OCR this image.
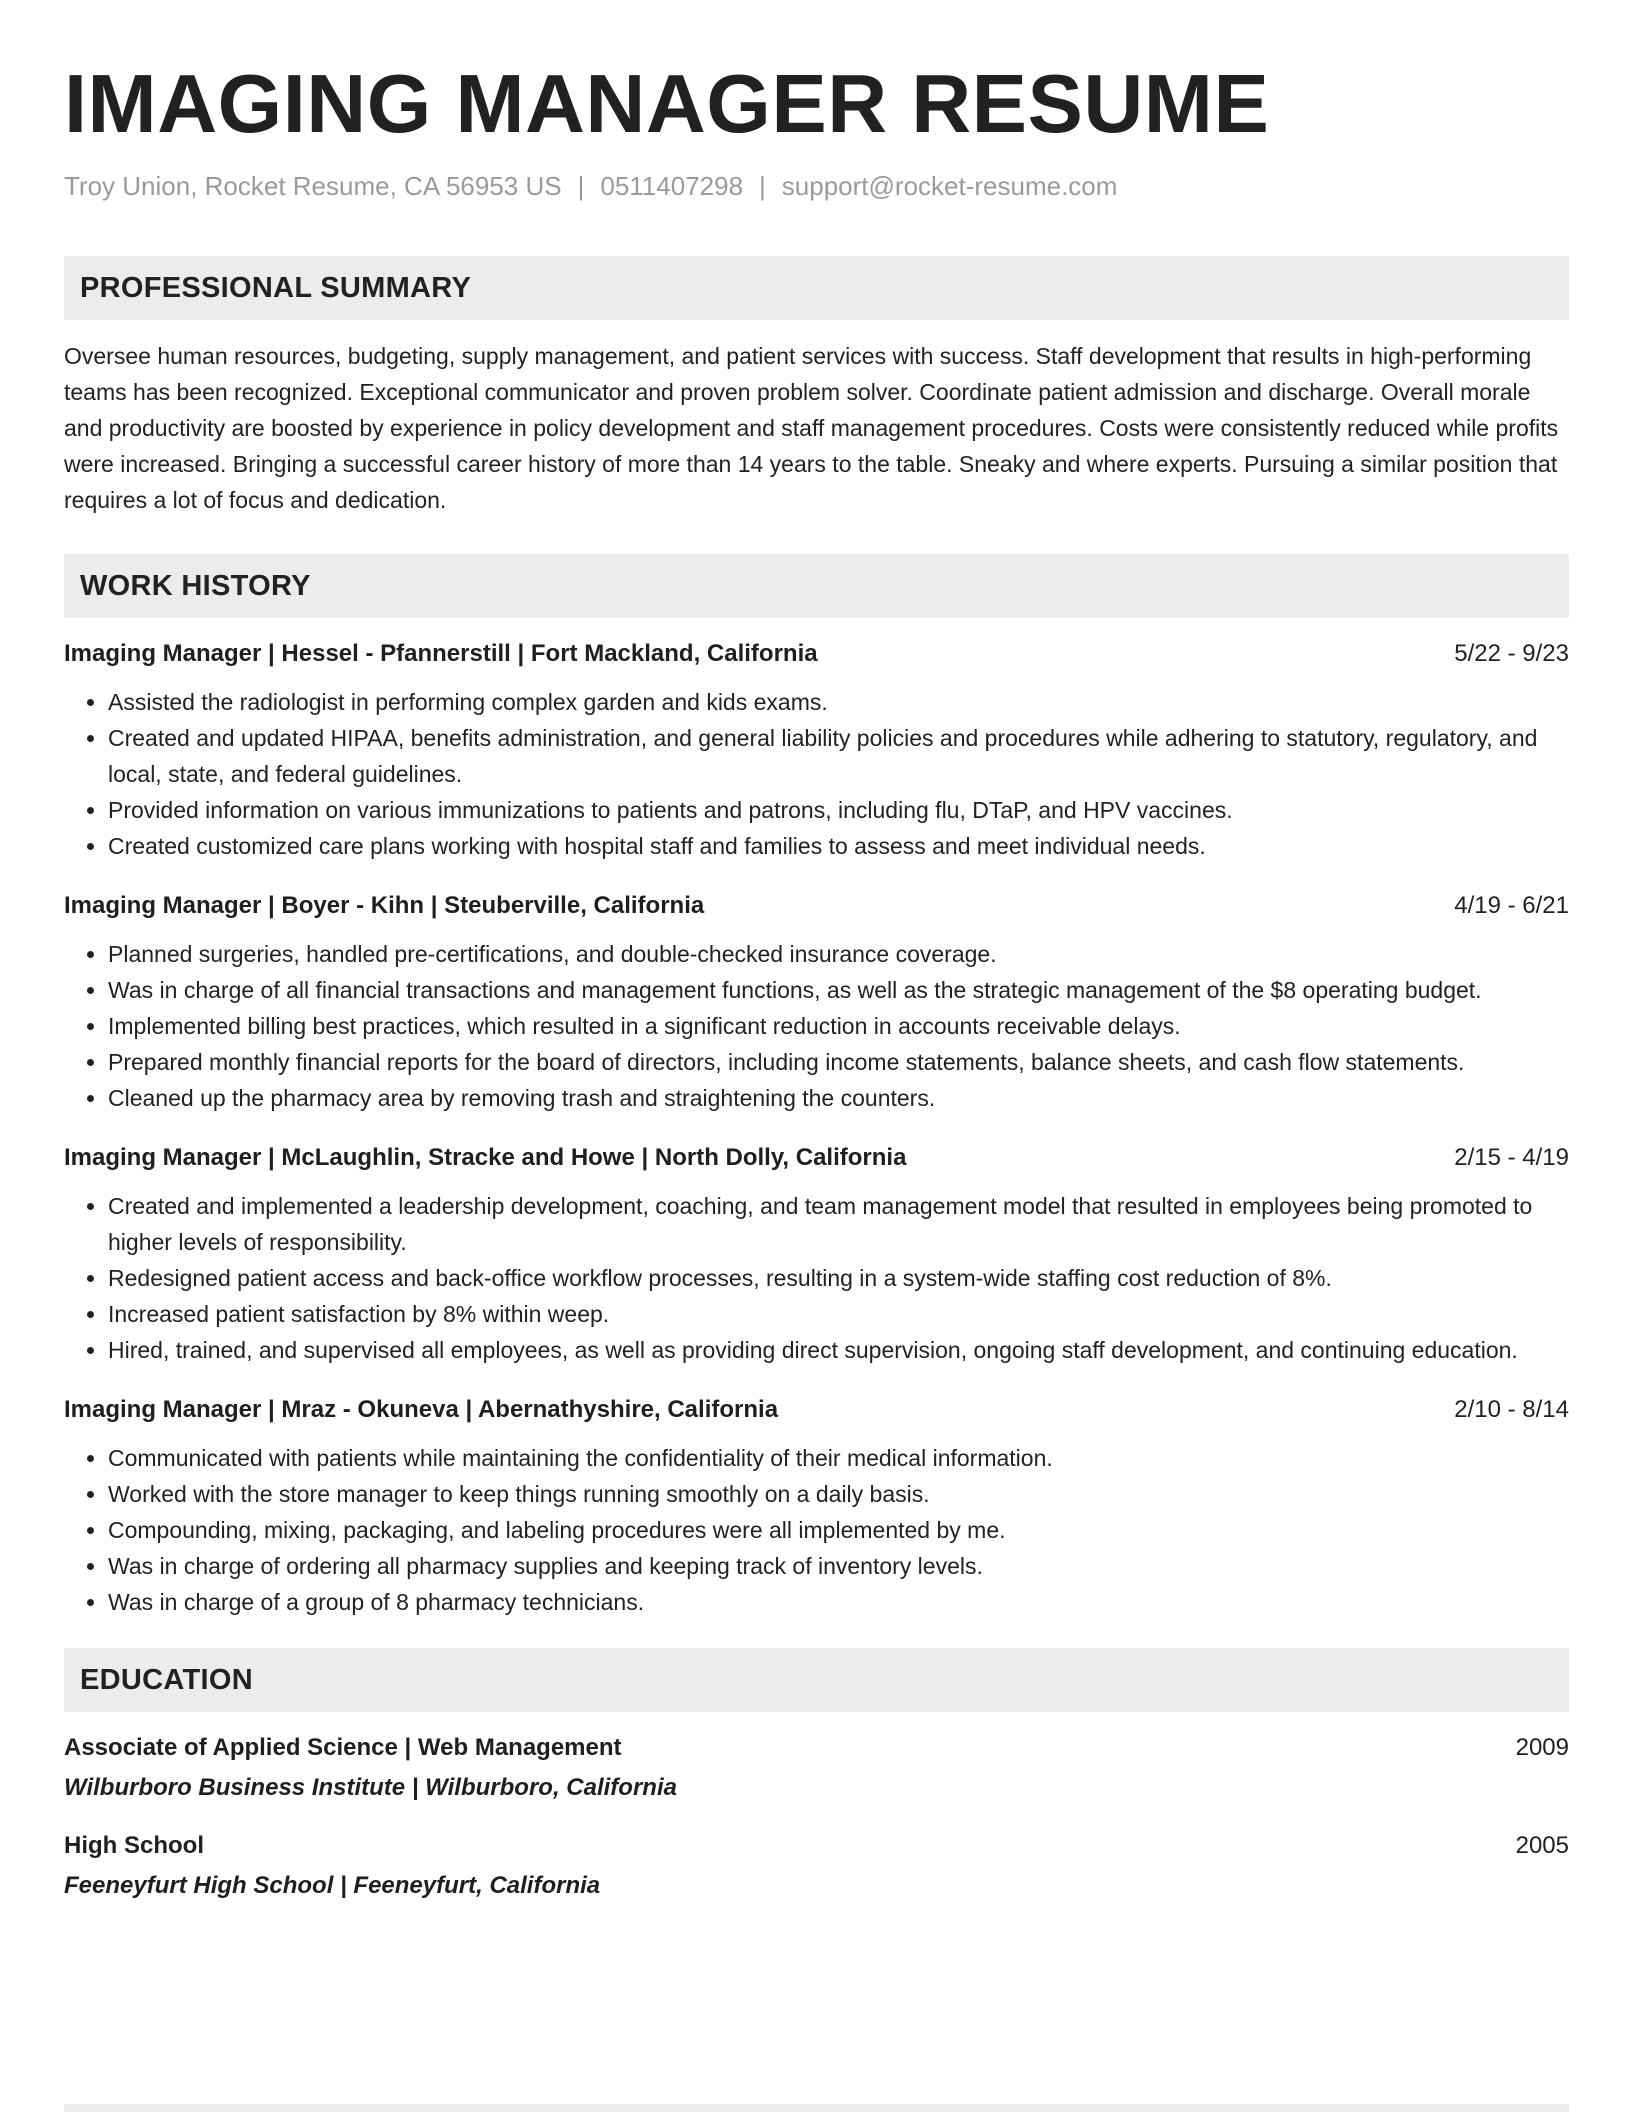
IMAGING MANAGER RESUME
Troy Union, Rocket Resume, CA 56953 US | 0511407298 | support@rocket-resume.com
PROFESSIONAL SUMMARY
Oversee human resources, budgeting, supply management, and patient services with success. Staff development that results in high-performing teams has been recognized. Exceptional communicator and proven problem solver. Coordinate patient admission and discharge. Overall morale and productivity are boosted by experience in policy development and staff management procedures. Costs were consistently reduced while profits were increased. Bringing a successful career history of more than 14 years to the table. Sneaky and where experts. Pursuing a similar position that requires a lot of focus and dedication.
WORK HISTORY
Imaging Manager | Hessel - Pfannerstill | Fort Mackland, California	5/22 - 9/23
• Assisted the radiologist in performing complex garden and kids exams.
• Created and updated HIPAA, benefits administration, and general liability policies and procedures while adhering to statutory, regulatory, and local, state, and federal guidelines.
• Provided information on various immunizations to patients and patrons, including flu, DTaP, and HPV vaccines.
• Created customized care plans working with hospital staff and families to assess and meet individual needs.
Imaging Manager | Boyer - Kihn | Steuberville, California	4/19 - 6/21
• Planned surgeries, handled pre-certifications, and double-checked insurance coverage.
• Was in charge of all financial transactions and management functions, as well as the strategic management of the $8 operating budget.
• Implemented billing best practices, which resulted in a significant reduction in accounts receivable delays.
• Prepared monthly financial reports for the board of directors, including income statements, balance sheets, and cash flow statements.
• Cleaned up the pharmacy area by removing trash and straightening the counters.
Imaging Manager | McLaughlin, Stracke and Howe | North Dolly, California	2/15 - 4/19
• Created and implemented a leadership development, coaching, and team management model that resulted in employees being promoted to higher levels of responsibility.
• Redesigned patient access and back-office workflow processes, resulting in a system-wide staffing cost reduction of 8%.
• Increased patient satisfaction by 8% within weep.
• Hired, trained, and supervised all employees, as well as providing direct supervision, ongoing staff development, and continuing education.
Imaging Manager | Mraz - Okuneva | Abernathyshire, California	2/10 - 8/14
• Communicated with patients while maintaining the confidentiality of their medical information.
• Worked with the store manager to keep things running smoothly on a daily basis.
• Compounding, mixing, packaging, and labeling procedures were all implemented by me.
• Was in charge of ordering all pharmacy supplies and keeping track of inventory levels.
• Was in charge of a group of 8 pharmacy technicians.
EDUCATION
Associate of Applied Science | Web Management	2009
Wilburboro Business Institute | Wilburboro, California
High School	2005
Feeneyfurt High School | Feeneyfurt, California
